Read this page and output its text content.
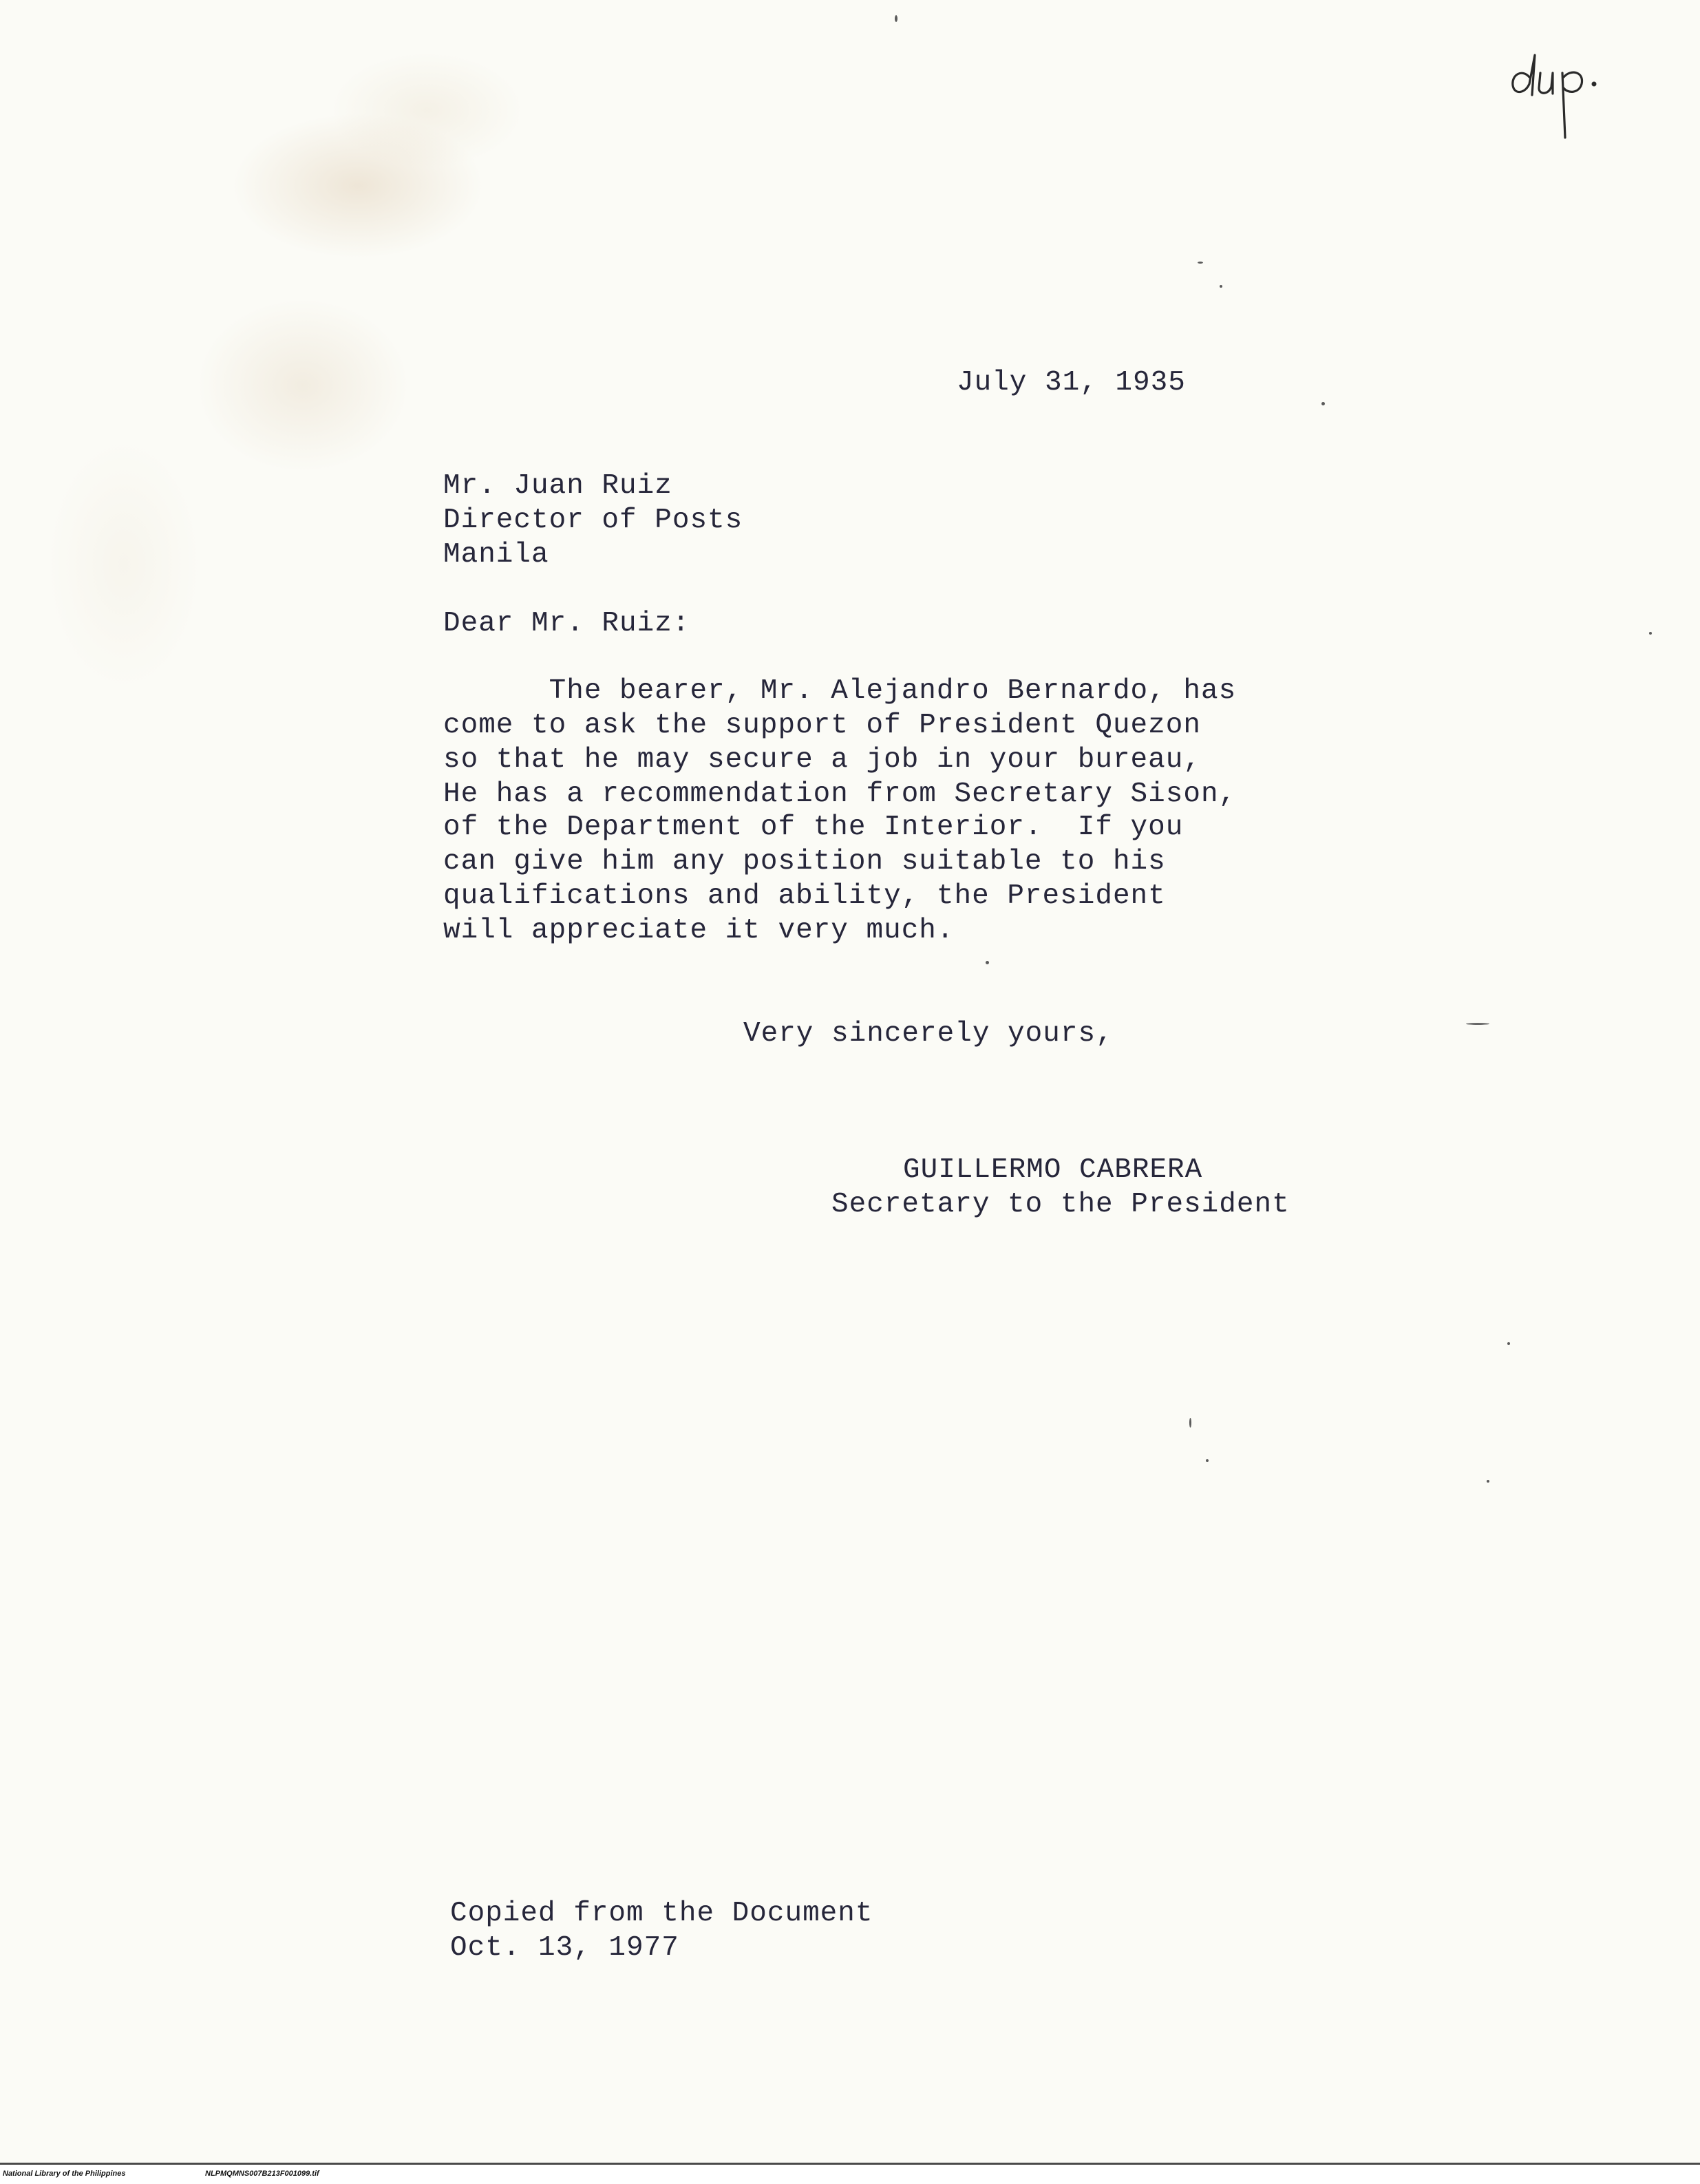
July 31, 1935
Mr. Juan Ruiz
Director of Posts
Manila
Dear Mr. Ruiz:
The bearer, Mr. Alejandro Bernardo, has
come to ask the support of President Quezon
so that he may secure a job in your bureau,
He has a recommendation from Secretary Sison,
of the Department of the Interior.  If you
can give him any position suitable to his
qualifications and ability, the President
will appreciate it very much.
Very sincerely yours,
GUILLERMO CABRERA
Secretary to the President
Copied from the Document
Oct. 13, 1977
National Library of the Philippines	NLPMQMNS007B213F001099.tif
